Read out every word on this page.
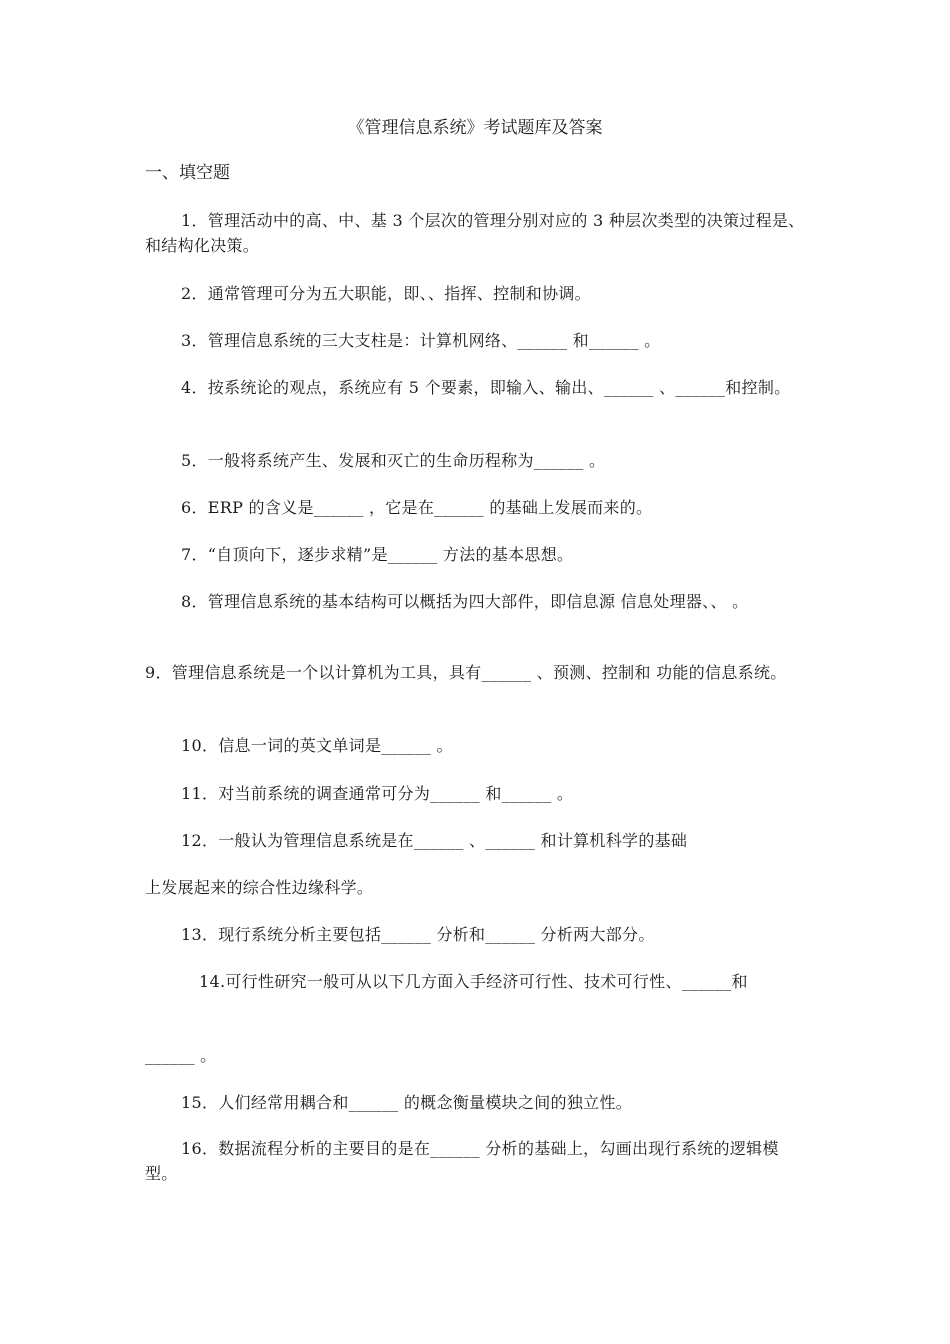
《管理信息系统》考试题库及答案
一、填空题
1．管理活动中的高、中、基 3 个层次的管理分别对应的 3 种层次类型的决策过程是、和结构化决策。
2．通常管理可分为五大职能，即、、指挥、控制和协调。
3．管理信息系统的三大支柱是：计算机网络、______ 和______ 。
4．按系统论的观点，系统应有 5 个要素，即输入、输出、______ 、______和控制。
5．一般将系统产生、发展和灭亡的生命历程称为______ 。
6．ERP 的含义是______ ，它是在______ 的基础上发展而来的。
7．“自顶向下，逐步求精”是______ 方法的基本思想。
8．管理信息系统的基本结构可以概括为四大部件，即信息源 信息处理器、、 。
9．管理信息系统是一个以计算机为工具，具有______ 、预测、控制和 功能的信息系统。
10．信息一词的英文单词是______ 。
11．对当前系统的调查通常可分为______ 和______ 。
12．一般认为管理信息系统是在______ 、______ 和计算机科学的基础
上发展起来的综合性边缘科学。
13．现行系统分析主要包括______ 分析和______ 分析两大部分。
14.可行性研究一般可从以下几方面入手经济可行性、技术可行性、______和
______ 。
15．人们经常用耦合和______ 的概念衡量模块之间的独立性。
16．数据流程分析的主要目的是在______ 分析的基础上，勾画出现行系统的逻辑模型。
